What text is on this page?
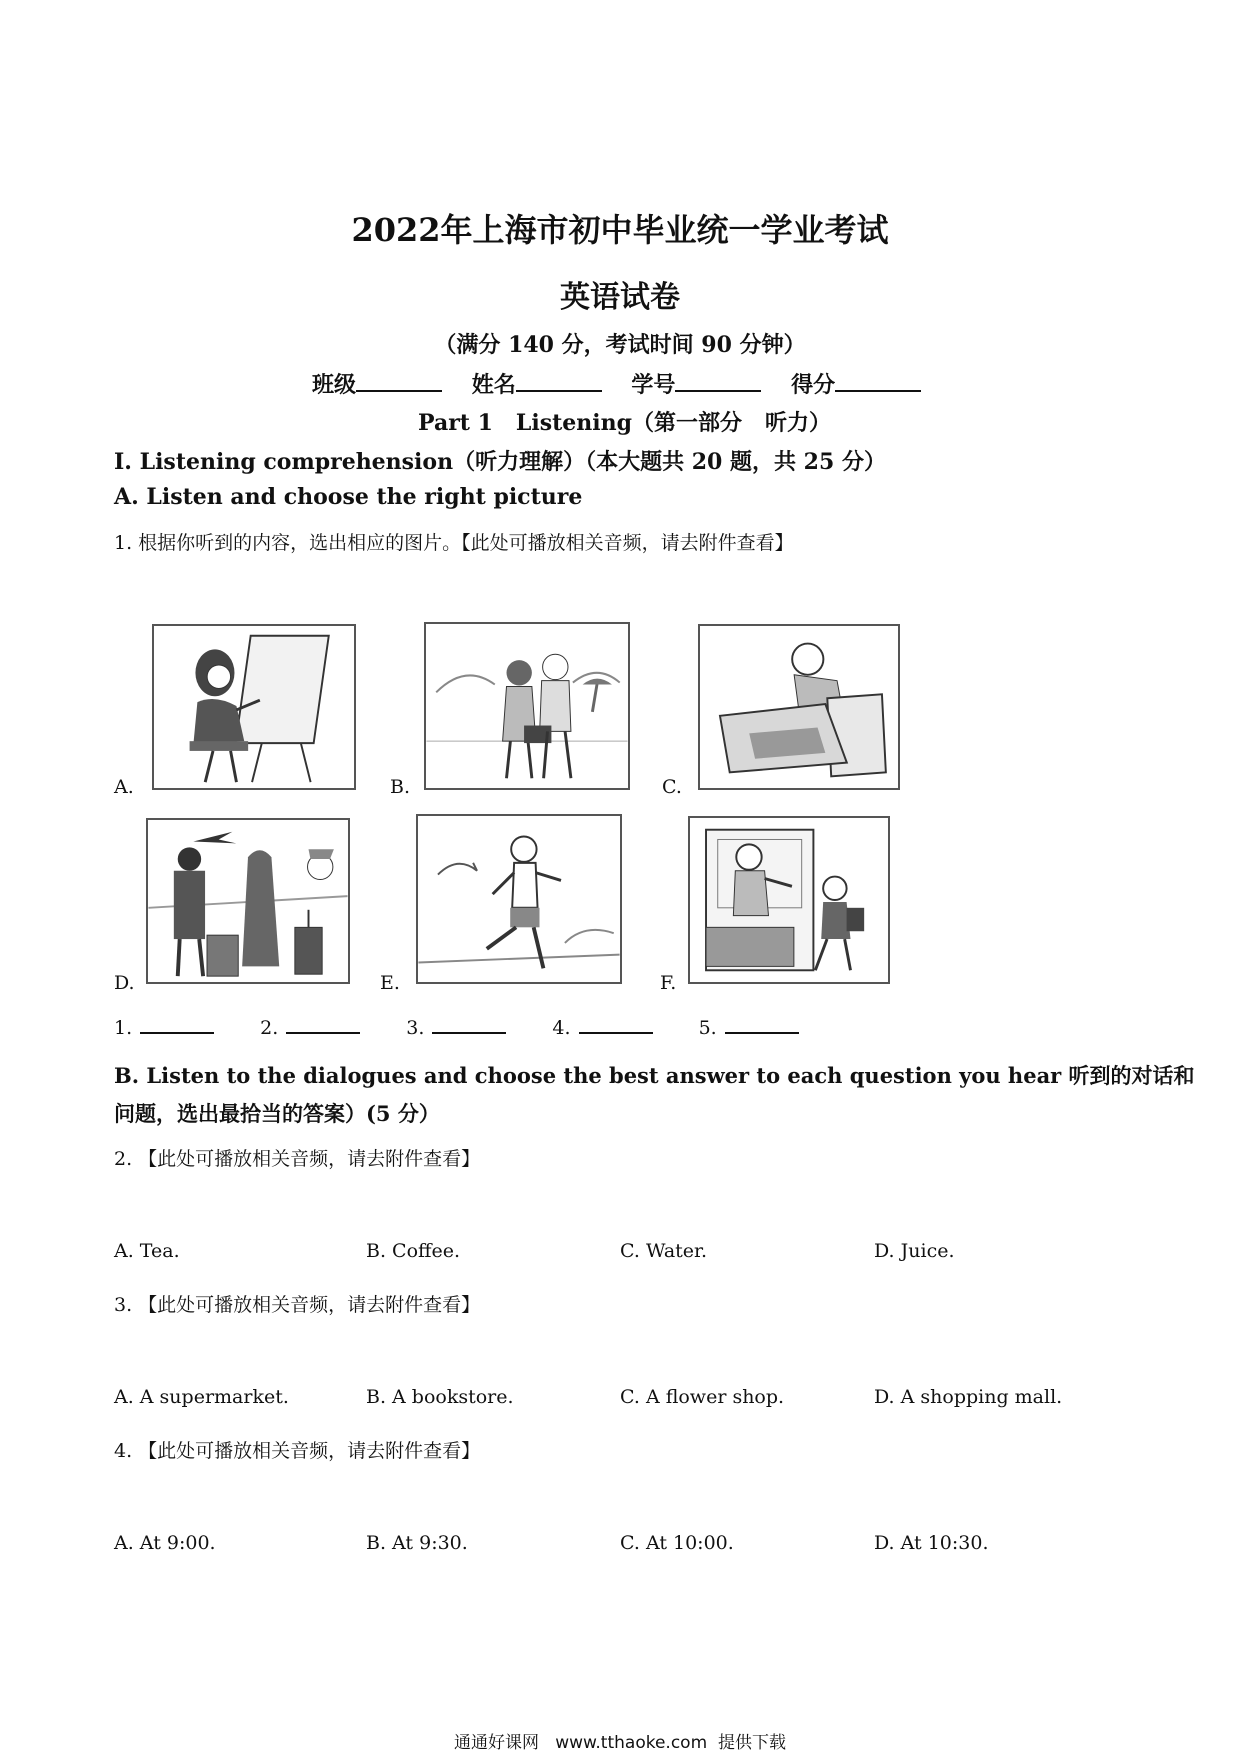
2022年上海市初中毕业统一学业考试
英语试卷
（满分 140 分，考试时间 90 分钟）
班级	姓名	学号	得分
Part 1   Listening（第一部分   听力）
I. Listening comprehension（听力理解）（本大题共 20 题，共 25 分）
A. Listen and choose the right picture
1. 根据你听到的内容，选出相应的图片。【此处可播放相关音频，请去附件查看】
A.	B.	C.
D.	E.	F.
1.	2.	3.	4.	5.
B. Listen to the dialogues and choose the best answer to each question you hear 听到的对话和
问题，选出最拾当的答案）(5 分）
2. 【此处可播放相关音频，请去附件查看】
A. Tea.	B. Coffee.	C. Water.	D. Juice.
3. 【此处可播放相关音频，请去附件查看】
A. A supermarket.	B. A bookstore.	C. A flower shop.	D. A shopping mall.
4. 【此处可播放相关音频，请去附件查看】
A. At 9:00.	B. At 9:30.	C. At 10:00.	D. At 10:30.
通通好课网   www.tthaoke.com  提供下载
